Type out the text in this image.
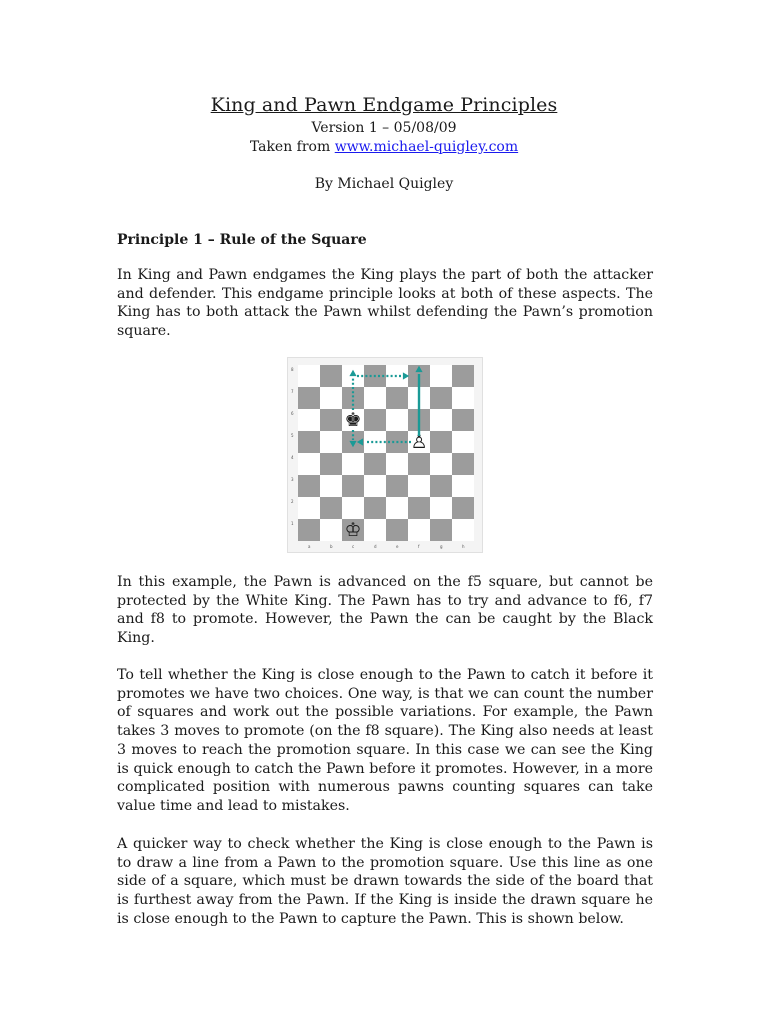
King and Pawn Endgame Principles
Version 1 – 05/08/09
Taken from www.michael-quigley.com
By Michael Quigley
Principle 1 – Rule of the Square

In King and Pawn endgames the King plays the part of both the attacker and defender. This endgame principle looks at both of these aspects. The King has to both attack the Pawn whilst defending the Pawn’s promotion square.

8
7
6
5
4
3
2
1
a	b	c	d	e	f	g	h
♚
♙
♔

In this example, the Pawn is advanced on the f5 square, but cannot be protected by the White King. The Pawn has to try and advance to f6, f7 and f8 to promote. However, the Pawn the can be caught by the Black King.

To tell whether the King is close enough to the Pawn to catch it before it promotes we have two choices. One way, is that we can count the number of squares and work out the possible variations. For example, the Pawn takes 3 moves to promote (on the f8 square). The King also needs at least 3 moves to reach the promotion square. In this case we can see the King is quick enough to catch the Pawn before it promotes. However, in a more complicated position with numerous pawns counting squares can take value time and lead to mistakes.

A quicker way to check whether the King is close enough to the Pawn is to draw a line from a Pawn to the promotion square. Use this line as one side of a square, which must be drawn towards the side of the board that is furthest away from the Pawn. If the King is inside the drawn square he is close enough to the Pawn to capture the Pawn. This is shown below.
